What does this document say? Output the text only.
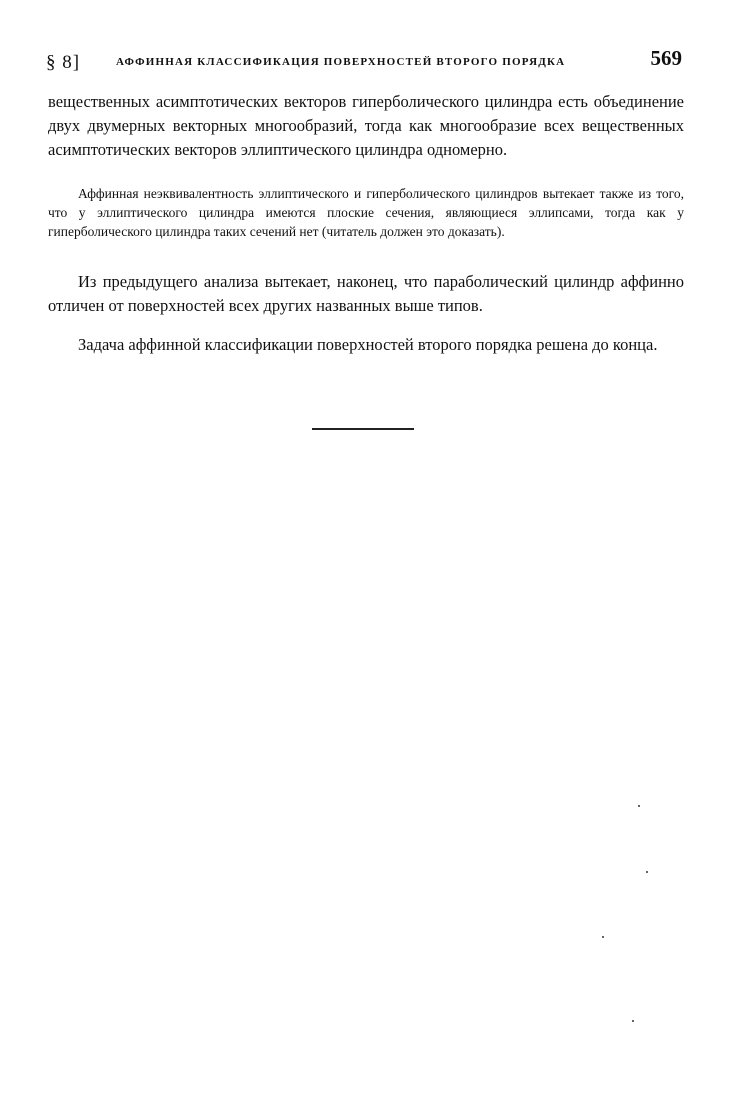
§ 8]	АФФИННАЯ КЛАССИФИКАЦИЯ ПОВЕРХНОСТЕЙ ВТОРОГО ПОРЯДКА	569

вещественных асимптотических векторов гиперболического цилиндра есть объединение двух двумерных векторных многообразий, тогда как многообразие всех вещественных асимптотических векторов эллиптического цилиндра одномерно.

Аффинная неэквивалентность эллиптического и гиперболического цилиндров вытекает также из того, что у эллиптического цилиндра имеются плоские сечения, являющиеся эллипсами, тогда как у гиперболического цилиндра таких сечений нет (читатель должен это доказать).

Из предыдущего анализа вытекает, наконец, что параболический цилиндр аффинно отличен от поверхностей всех других названных выше типов.

Задача аффинной классификации поверхностей второго порядка решена до конца.
